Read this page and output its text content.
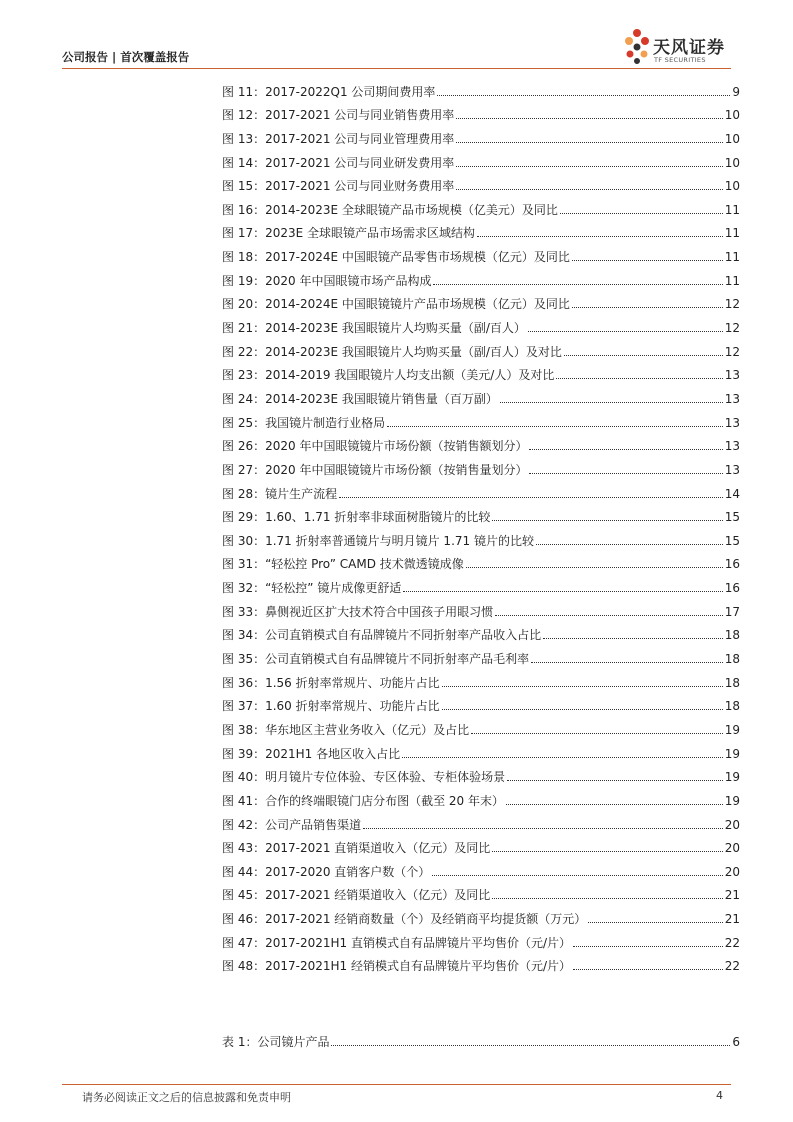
公司报告 | 首次覆盖报告	天风证券
TF SECURITIES
图 11：2017-2022Q1 公司期间费用率	9
图 12：2017-2021 公司与同业销售费用率	10
图 13：2017-2021 公司与同业管理费用率	10
图 14：2017-2021 公司与同业研发费用率	10
图 15：2017-2021 公司与同业财务费用率	10
图 16：2014-2023E 全球眼镜产品市场规模（亿美元）及同比	11
图 17：2023E 全球眼镜产品市场需求区域结构	11
图 18：2017-2024E 中国眼镜产品零售市场规模（亿元）及同比	11
图 19：2020 年中国眼镜市场产品构成	11
图 20：2014-2024E 中国眼镜镜片产品市场规模（亿元）及同比	12
图 21：2014-2023E 我国眼镜片人均购买量（副/百人）	12
图 22：2014-2023E 我国眼镜片人均购买量（副/百人）及对比	12
图 23：2014-2019 我国眼镜片人均支出额（美元/人）及对比	13
图 24：2014-2023E 我国眼镜片销售量（百万副）	13
图 25：我国镜片制造行业格局	13
图 26：2020 年中国眼镜镜片市场份额（按销售额划分）	13
图 27：2020 年中国眼镜镜片市场份额（按销售量划分）	13
图 28：镜片生产流程	14
图 29：1.60、1.71 折射率非球面树脂镜片的比较	15
图 30：1.71 折射率普通镜片与明月镜片 1.71 镜片的比较	15
图 31：“轻松控 Pro” CAMD 技术微透镜成像	16
图 32：“轻松控” 镜片成像更舒适	16
图 33：鼻侧视近区扩大技术符合中国孩子用眼习惯	17
图 34：公司直销模式自有品牌镜片不同折射率产品收入占比	18
图 35：公司直销模式自有品牌镜片不同折射率产品毛利率	18
图 36：1.56 折射率常规片、功能片占比	18
图 37：1.60 折射率常规片、功能片占比	18
图 38：华东地区主营业务收入（亿元）及占比	19
图 39：2021H1 各地区收入占比	19
图 40：明月镜片专位体验、专区体验、专柜体验场景	19
图 41：合作的终端眼镜门店分布图（截至 20 年末）	19
图 42：公司产品销售渠道	20
图 43：2017-2021 直销渠道收入（亿元）及同比	20
图 44：2017-2020 直销客户数（个）	20
图 45：2017-2021 经销渠道收入（亿元）及同比	21
图 46：2017-2021 经销商数量（个）及经销商平均提货额（万元）	21
图 47：2017-2021H1 直销模式自有品牌镜片平均售价（元/片）	22
图 48：2017-2021H1 经销模式自有品牌镜片平均售价（元/片）	22
表 1：公司镜片产品	6
请务必阅读正文之后的信息披露和免责申明	4
